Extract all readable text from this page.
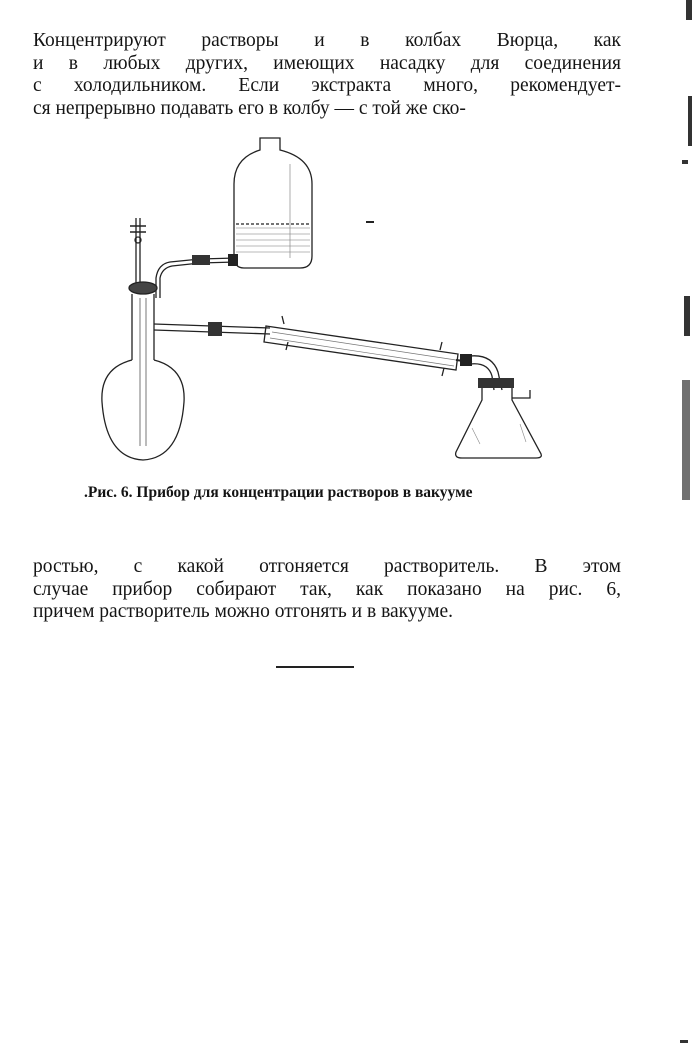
Концентрируют растворы и в колбах Вюрца, как
и в любых других, имеющих насадку для соединения
с холодильником. Если экстракта много, рекомендует-
ся непрерывно подавать его в колбу — с той же ско-

.Рис. 6. Прибор для концентрации растворов в вакууме

ростью, с какой отгоняется растворитель. В этом
случае прибор собирают так, как показано на рис. 6,
причем растворитель можно отгонять и в вакууме.
